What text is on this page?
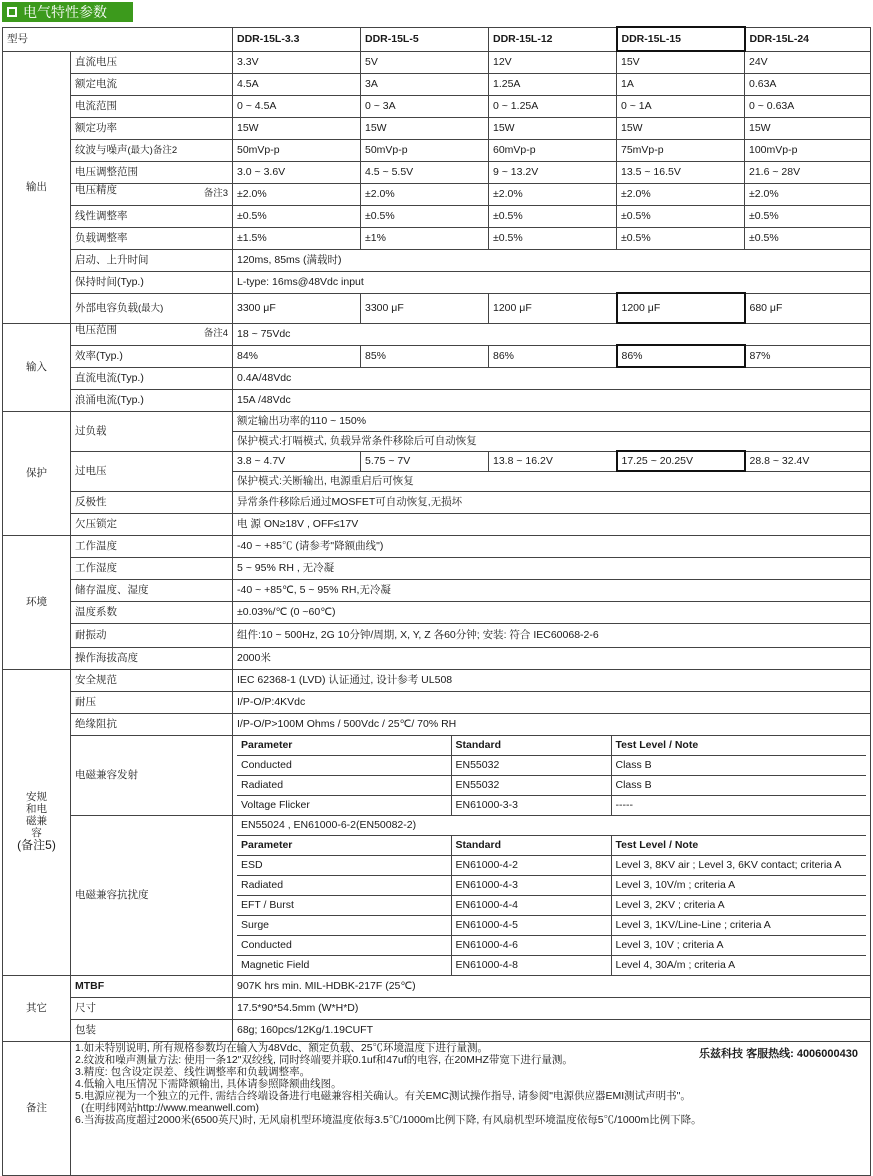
电气特性参数
型号	DDR-15L-3.3	DDR-15L-5	DDR-15L-12	DDR-15L-15	DDR-15L-24
输出	直流电压	3.3V	5V	12V	15V	24V
额定电流	4.5A	3A	1.25A	1A	0.63A
电流范围	0 ~ 4.5A	0 ~ 3A	0 ~ 1.25A	0 ~ 1A	0 ~ 0.63A
额定功率	15W	15W	15W	15W	15W
纹波与噪声(最大)备注2	50mVp-p	50mVp-p	60mVp-p	75mVp-p	100mVp-p
电压调整范围	3.0 ~ 3.6V	4.5 ~ 5.5V	9 ~ 13.2V	13.5 ~ 16.5V	21.6 ~ 28V
电压精度	备注3	±2.0%	±2.0%	±2.0%	±2.0%	±2.0%
线性调整率	±0.5%	±0.5%	±0.5%	±0.5%	±0.5%
负载调整率	±1.5%	±1%	±0.5%	±0.5%	±0.5%
启动、上升时间	120ms, 85ms (满载时)
保持时间(Typ.)	L-type: 16ms@48Vdc input
外部电容负载(最大)	3300 μF	3300 μF	1200 μF	1200 μF	680 μF
输入	电压范围	备注4	18 ~ 75Vdc
效率(Typ.)	84%	85%	86%	86%	87%
直流电流(Typ.)	0.4A/48Vdc
浪涌电流(Typ.)	15A /48Vdc
保护	过负载	额定输出功率的110 ~ 150%
保护模式:打嗝模式, 负载异常条件移除后可自动恢复
过电压	3.8 ~ 4.7V	5.75 ~ 7V	13.8 ~ 16.2V	17.25 ~ 20.25V	28.8 ~ 32.4V
保护模式:关断输出, 电源重启后可恢复
反极性	异常条件移除后通过MOSFET可自动恢复,无损坏
欠压锁定	电 源 ON≥18V , OFF≤17V
环境	工作温度	-40 ~ +85℃ (请参考"降额曲线")
工作湿度	5 ~ 95% RH , 无冷凝
储存温度、湿度	-40 ~ +85℃, 5 ~ 95% RH,无冷凝
温度系数	±0.03%/℃ (0 ~60℃)
耐振动	组件:10 ~ 500Hz, 2G 10分钟/周期, X, Y, Z 各60分钟; 安装: 符合 IEC60068-2-6
操作海拔高度	2000米

安规
和电
磁兼
容
(备注5)
	安全规范	IEC 62368-1 (LVD) 认证通过, 设计参考 UL508
耐压	I/P-O/P:4KVdc
绝缘阻抗	I/P-O/P>100M Ohms / 500Vdc / 25℃/ 70% RH
电磁兼容发射	
Parameter	Standard	Test Level / Note
Conducted	EN55032	Class B
Radiated	EN55032	Class B
Voltage Flicker	EN61000-3-3	-----

电磁兼容抗扰度	
EN55024 , EN61000-6-2(EN50082-2)
Parameter	Standard	Test Level / Note
ESD	EN61000-4-2	Level 3, 8KV air ; Level 3, 6KV contact; criteria A
Radiated	EN61000-4-3	Level 3, 10V/m ; criteria A
EFT / Burst	EN61000-4-4	Level 3, 2KV ; criteria A
Surge	EN61000-4-5	Level 3, 1KV/Line-Line ; criteria A
Conducted	EN61000-4-6	Level 3, 10V ; criteria A
Magnetic Field	EN61000-4-8	Level 4, 30A/m ; criteria A

其它	MTBF	907K hrs min. MIL-HDBK-217F (25℃)
尺寸	17.5*90*54.5mm (W*H*D)
包装	68g; 160pcs/12Kg/1.19CUFT
备注	
乐兹科技 客服热线: 4006000430
1.如未特别说明, 所有规格参数均在输入为48Vdc、额定负载、25℃环境温度下进行量测。
2.纹波和噪声测量方法: 使用一条12"双绞线, 同时终端要并联0.1uf和47uf的电容, 在20MHZ带宽下进行量测。
3.精度: 包含设定误差、线性调整率和负载调整率。
4.低输入电压情况下需降额输出, 具体请参照降额曲线图。
5.电源应视为一个独立的元件, 需结合终端设备进行电磁兼容相关确认。有关EMC测试操作指导, 请参阅"电源供应器EMI测试声明书"。
(在明纬网站http://www.meanwell.com)
6.当海拔高度超过2000米(6500英尺)时, 无风扇机型环境温度依每3.5℃/1000m比例下降, 有风扇机型环境温度依每5℃/1000m比例下降。
